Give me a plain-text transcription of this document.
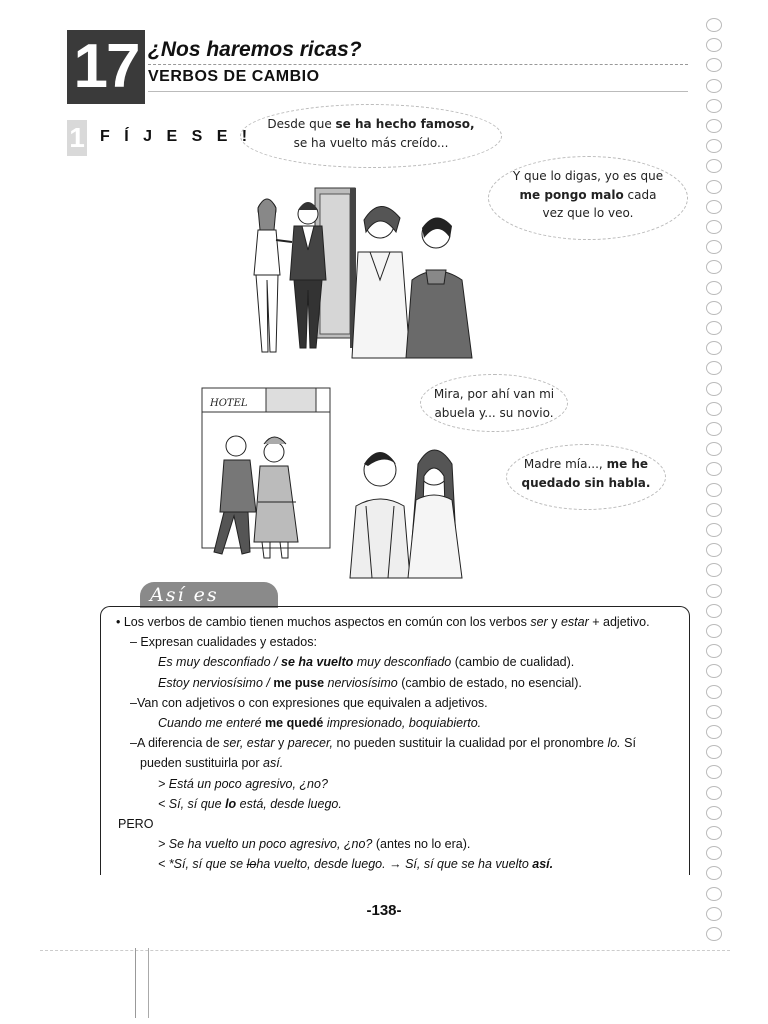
17 ¿Nos haremos ricas?
VERBOS DE CAMBIO
1 F Í J E S E !
Desde que se ha hecho famoso,
se ha vuelto más creído...
Y que lo digas, yo es que
me pongo malo cada
vez que lo veo.
Mira, por ahí van mi
abuela y... su novio.
Madre mía..., me he
quedado sin habla.
HOTEL
Así es
• Los verbos de cambio tienen muchos aspectos en común con los verbos ser y estar + adjetivo.
– Expresan cualidades y estados:
Es muy desconfiado / se ha vuelto muy desconfiado (cambio de cualidad).
Estoy nerviosísimo / me puse nerviosísimo (cambio de estado, no esencial).
–Van con adjetivos o con expresiones que equivalen a adjetivos.
Cuando me enteré me quedé impresionado, boquiabierto.
–A diferencia de ser, estar y parecer, no pueden sustituir la cualidad por el pronombre lo. Sí
pueden sustituirla por así.
> Está un poco agresivo, ¿no?
< Sí, sí que lo está, desde luego.
PERO
> Se ha vuelto un poco agresivo, ¿no? (antes no lo era).
< *Sí, sí que se loha vuelto, desde luego. → Sí, sí que se ha vuelto así.
-138-
